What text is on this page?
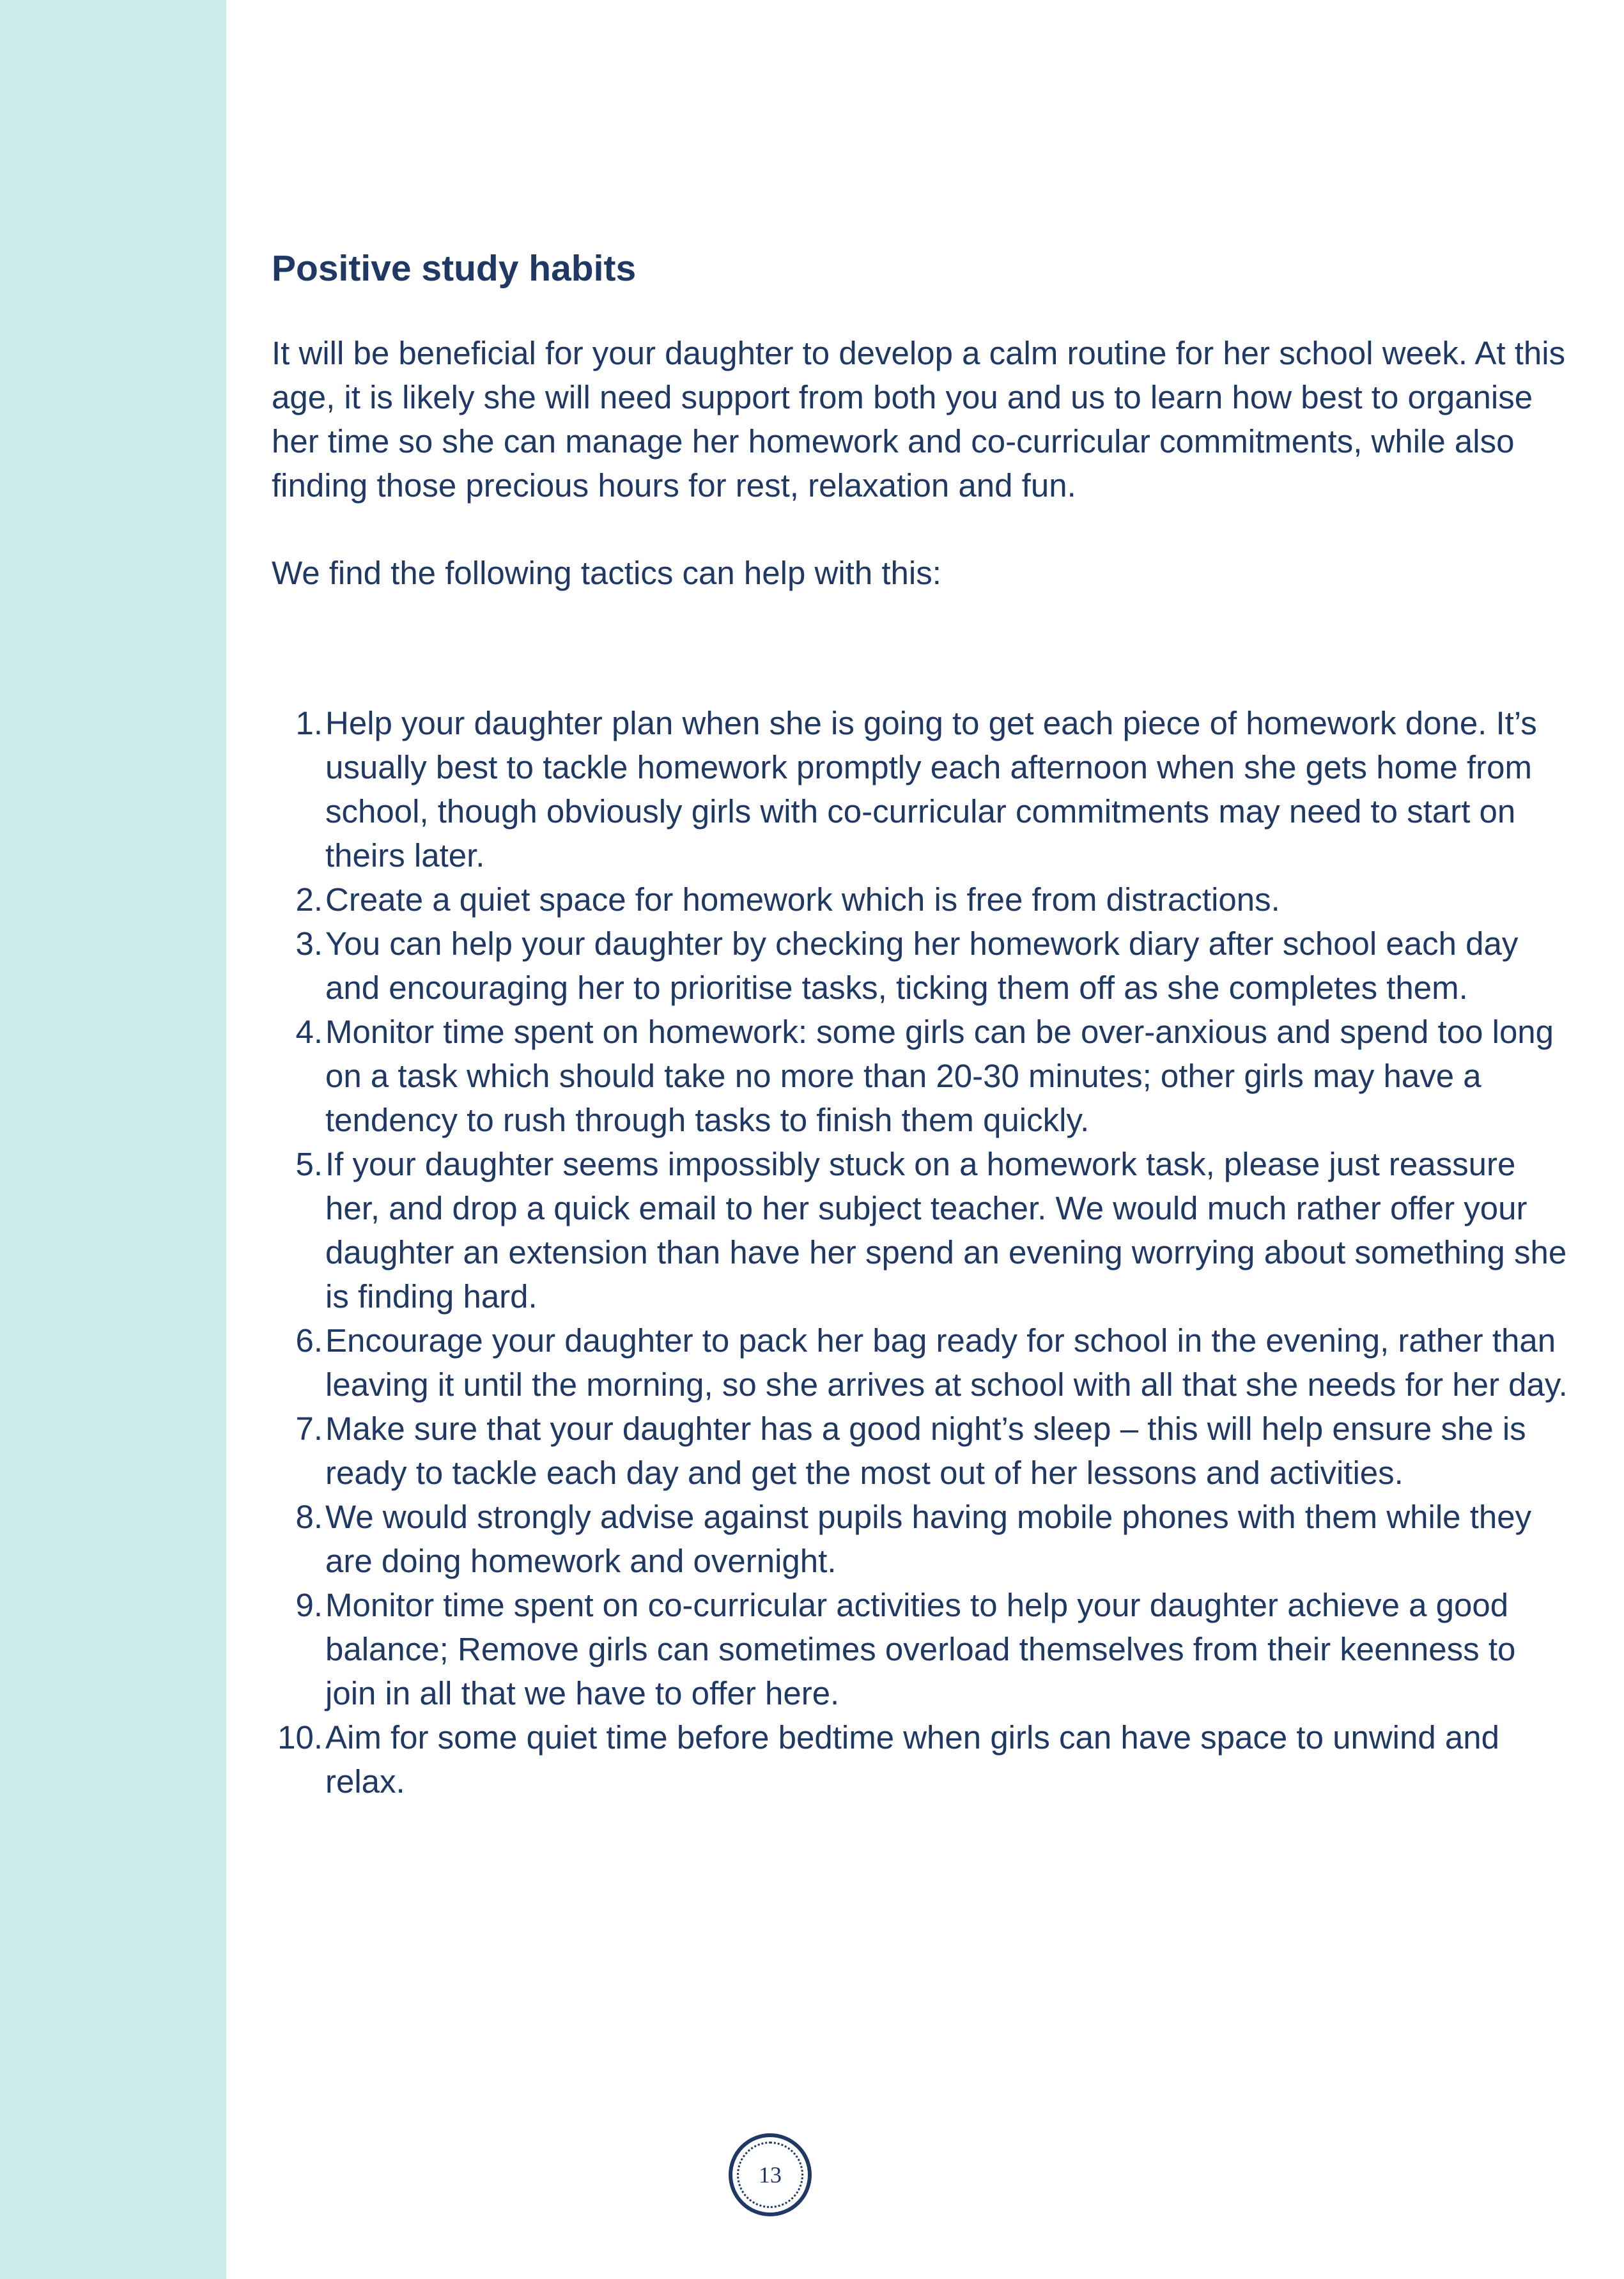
Positive study habits

It will be beneficial for your daughter to develop a calm routine for her school week. At this age, it is likely she will need support from both you and us to learn how best to organise her time so she can manage her homework and co-curricular commitments, while also finding those precious hours for rest, relaxation and fun.

We find the following tactics can help with this:

1. Help your daughter plan when she is going to get each piece of homework done. It’s usually best to tackle homework promptly each afternoon when she gets home from school, though obviously girls with co-curricular commitments may need to start on theirs later.
2. Create a quiet space for homework which is free from distractions.
3. You can help your daughter by checking her homework diary after school each day and encouraging her to prioritise tasks, ticking them off as she completes them.
4. Monitor time spent on homework: some girls can be over-anxious and spend too long on a task which should take no more than 20-30 minutes; other girls may have a tendency to rush through tasks to finish them quickly.
5. If your daughter seems impossibly stuck on a homework task, please just reassure her, and drop a quick email to her subject teacher. We would much rather offer your daughter an extension than have her spend an evening worrying about something she is finding hard.
6. Encourage your daughter to pack her bag ready for school in the evening, rather than leaving it until the morning, so she arrives at school with all that she needs for her day.
7. Make sure that your daughter has a good night’s sleep – this will help ensure she is ready to tackle each day and get the most out of her lessons and activities.
8. We would strongly advise against pupils having mobile phones with them while they are doing homework and overnight.
9. Monitor time spent on co-curricular activities to help your daughter achieve a good balance; Remove girls can sometimes overload themselves from their keenness to join in all that we have to offer here.
10. Aim for some quiet time before bedtime when girls can have space to unwind and relax.
13
